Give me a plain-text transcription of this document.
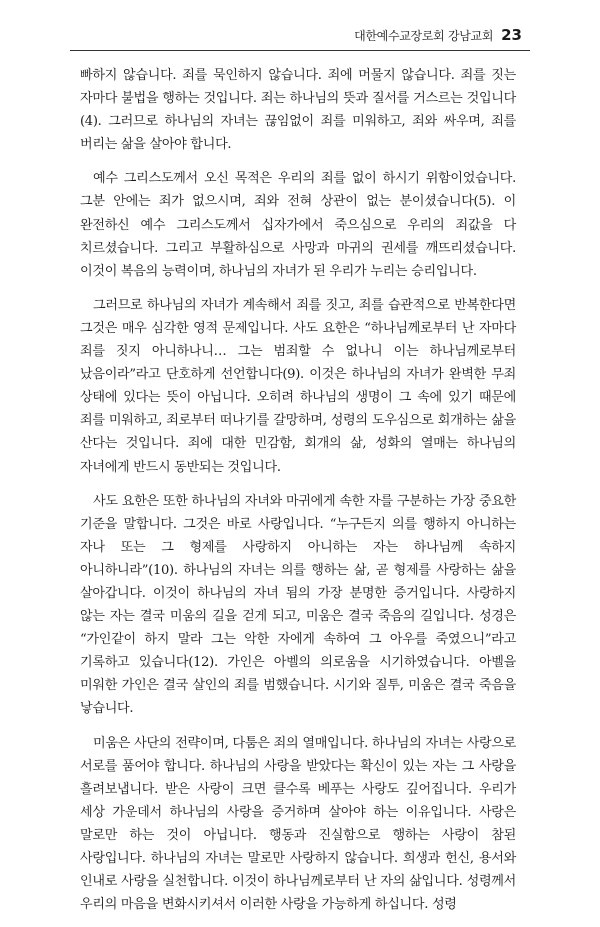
대한예수교장로회 강남교회 23

빠하지 않습니다. 죄를 묵인하지 않습니다. 죄에 머물지 않습니다. 죄를 짓는 자마다 불법을 행하는 것입니다. 죄는 하나님의 뜻과 질서를 거스르는 것입니다(4). 그러므로 하나님의 자녀는 끊임없이 죄를 미워하고, 죄와 싸우며, 죄를 버리는 삶을 살아야 합니다.

예수 그리스도께서 오신 목적은 우리의 죄를 없이 하시기 위함이었습니다. 그분 안에는 죄가 없으시며, 죄와 전혀 상관이 없는 분이셨습니다(5). 이 완전하신 예수 그리스도께서 십자가에서 죽으심으로 우리의 죄값을 다 치르셨습니다. 그리고 부활하심으로 사망과 마귀의 권세를 깨뜨리셨습니다. 이것이 복음의 능력이며, 하나님의 자녀가 된 우리가 누리는 승리입니다.

그러므로 하나님의 자녀가 계속해서 죄를 짓고, 죄를 습관적으로 반복한다면 그것은 매우 심각한 영적 문제입니다. 사도 요한은 “하나님께로부터 난 자마다 죄를 짓지 아니하나니… 그는 범죄할 수 없나니 이는 하나님께로부터 났음이라”라고 단호하게 선언합니다(9). 이것은 하나님의 자녀가 완벽한 무죄 상태에 있다는 뜻이 아닙니다. 오히려 하나님의 생명이 그 속에 있기 때문에 죄를 미워하고, 죄로부터 떠나기를 갈망하며, 성령의 도우심으로 회개하는 삶을 산다는 것입니다. 죄에 대한 민감함, 회개의 삶, 성화의 열매는 하나님의 자녀에게 반드시 동반되는 것입니다.

사도 요한은 또한 하나님의 자녀와 마귀에게 속한 자를 구분하는 가장 중요한 기준을 말합니다. 그것은 바로 사랑입니다. “누구든지 의를 행하지 아니하는 자나 또는 그 형제를 사랑하지 아니하는 자는 하나님께 속하지 아니하니라”(10). 하나님의 자녀는 의를 행하는 삶, 곧 형제를 사랑하는 삶을 살아갑니다. 이것이 하나님의 자녀 됨의 가장 분명한 증거입니다. 사랑하지 않는 자는 결국 미움의 길을 걷게 되고, 미움은 결국 죽음의 길입니다. 성경은 “가인같이 하지 말라 그는 악한 자에게 속하여 그 아우를 죽였으니”라고 기록하고 있습니다(12). 가인은 아벨의 의로움을 시기하였습니다. 아벨을 미워한 가인은 결국 살인의 죄를 범했습니다. 시기와 질투, 미움은 결국 죽음을 낳습니다.

미움은 사단의 전략이며, 다툼은 죄의 열매입니다. 하나님의 자녀는 사랑으로 서로를 품어야 합니다. 하나님의 사랑을 받았다는 확신이 있는 자는 그 사랑을 흘려보냅니다. 받은 사랑이 크면 클수록 베푸는 사랑도 깊어집니다. 우리가 세상 가운데서 하나님의 사랑을 증거하며 살아야 하는 이유입니다. 사랑은 말로만 하는 것이 아닙니다. 행동과 진실함으로 행하는 사랑이 참된 사랑입니다. 하나님의 자녀는 말로만 사랑하지 않습니다. 희생과 헌신, 용서와 인내로 사랑을 실천합니다. 이것이 하나님께로부터 난 자의 삶입니다. 성령께서 우리의 마음을 변화시키셔서 이러한 사랑을 가능하게 하십니다. 성령
